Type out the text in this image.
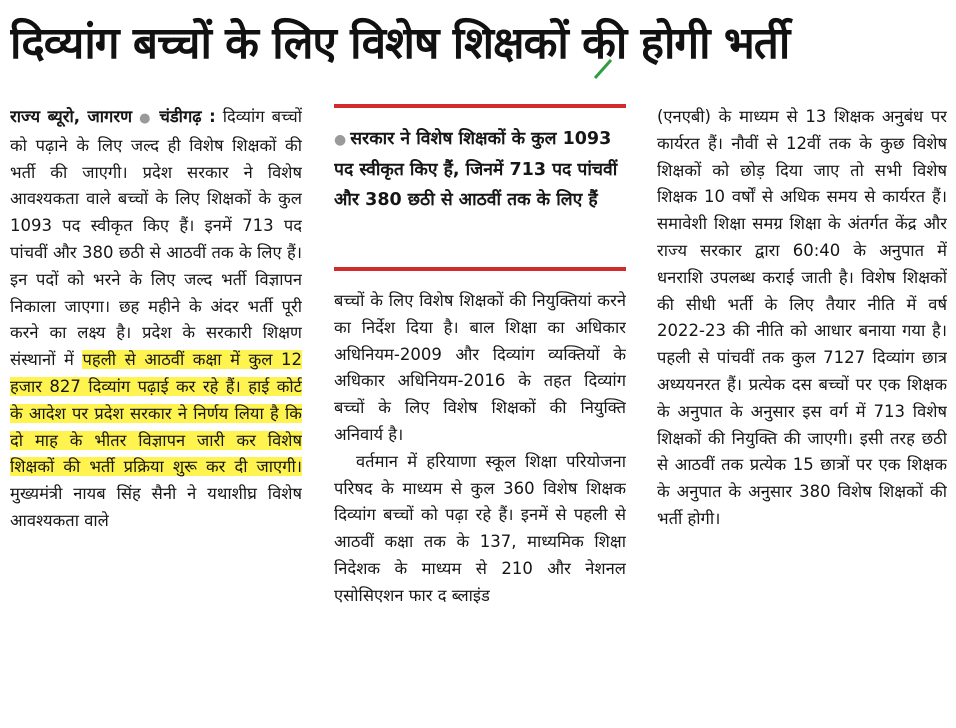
दिव्यांग बच्चों के लिए विशेष शिक्षकों की होगी भर्ती

राज्य ब्यूरो, जागरण ● चंडीगढ़ : दिव्यांग बच्चों को पढ़ाने के लिए जल्द ही विशेष शिक्षकों की भर्ती की जाएगी। प्रदेश सरकार ने विशेष आवश्यकता वाले बच्चों के लिए शिक्षकों के कुल 1093 पद स्वीकृत किए हैं। इनमें 713 पद पांचवीं और 380 छठी से आठवीं तक के लिए हैं। इन पदों को भरने के लिए जल्द भर्ती विज्ञापन निकाला जाएगा। छह महीने के अंदर भर्ती पूरी करने का लक्ष्य है। प्रदेश के सरकारी शिक्षण संस्थानों में पहली से आठवीं कक्षा में कुल 12 हजार 827 दिव्यांग पढ़ाई कर रहे हैं। हाई कोर्ट के आदेश पर प्रदेश सरकार ने निर्णय लिया है कि दो माह के भीतर विज्ञापन जारी कर विशेष शिक्षकों की भर्ती प्रक्रिया शुरू कर दी जाएगी। मुख्यमंत्री नायब सिंह सैनी ने यथाशीघ्र विशेष आवश्यकता वाले

● सरकार ने विशेष शिक्षकों के कुल 1093 पद स्वीकृत किए हैं, जिनमें 713 पद पांचवीं और 380 छठी से आठवीं तक के लिए हैं

बच्चों के लिए विशेष शिक्षकों की नियुक्तियां करने का निर्देश दिया है। बाल शिक्षा का अधिकार अधिनियम-2009 और दिव्यांग व्यक्तियों के अधिकार अधिनियम-2016 के तहत दिव्यांग बच्चों के लिए विशेष शिक्षकों की नियुक्ति अनिवार्य है।

वर्तमान में हरियाणा स्कूल शिक्षा परियोजना परिषद के माध्यम से कुल 360 विशेष शिक्षक दिव्यांग बच्चों को पढ़ा रहे हैं। इनमें से पहली से आठवीं कक्षा तक के 137, माध्यमिक शिक्षा निदेशक के माध्यम से 210 और नेशनल एसोसिएशन फार द ब्लाइंड

(एनएबी) के माध्यम से 13 शिक्षक अनुबंध पर कार्यरत हैं। नौवीं से 12वीं तक के कुछ विशेष शिक्षकों को छोड़ दिया जाए तो सभी विशेष शिक्षक 10 वर्षों से अधिक समय से कार्यरत हैं। समावेशी शिक्षा समग्र शिक्षा के अंतर्गत केंद्र और राज्य सरकार द्वारा 60:40 के अनुपात में धनराशि उपलब्ध कराई जाती है। विशेष शिक्षकों की सीधी भर्ती के लिए तैयार नीति में वर्ष 2022-23 की नीति को आधार बनाया गया है। पहली से पांचवीं तक कुल 7127 दिव्यांग छात्र अध्ययनरत हैं। प्रत्येक दस बच्चों पर एक शिक्षक के अनुपात के अनुसार इस वर्ग में 713 विशेष शिक्षकों की नियुक्ति की जाएगी। इसी तरह छठी से आठवीं तक प्रत्येक 15 छात्रों पर एक शिक्षक के अनुपात के अनुसार 380 विशेष शिक्षकों की भर्ती होगी।
